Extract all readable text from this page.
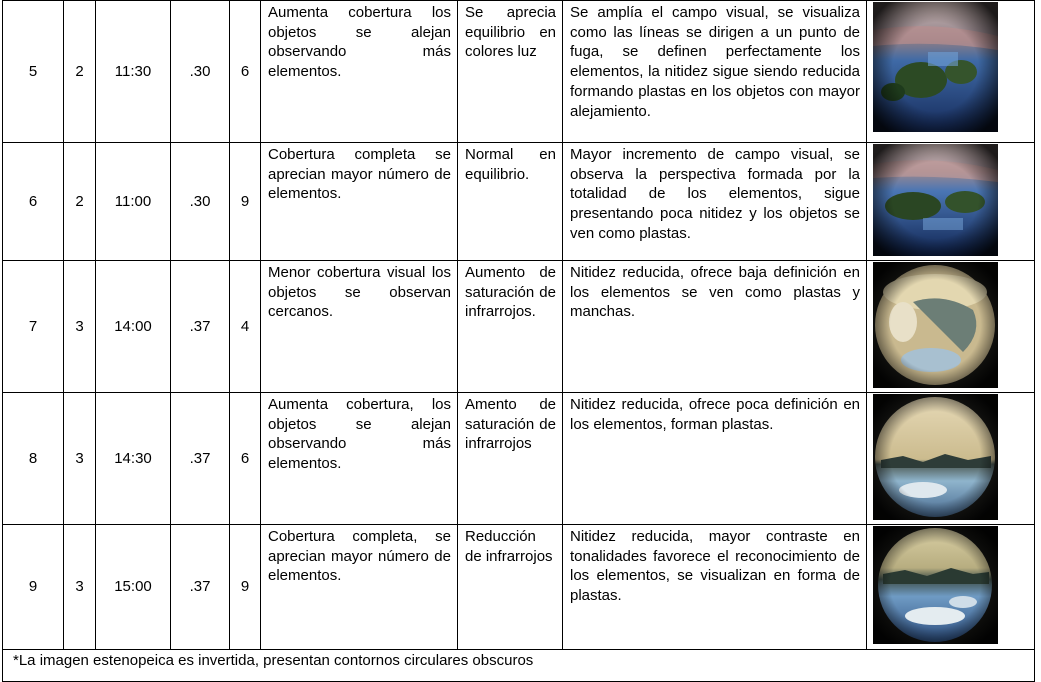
5	2	11:30	.30	6	Aumenta cobertura los objetos se alejan observando más elementos.	Se aprecia equilibrio en colores luz	Se amplía el campo visual, se visualiza como las líneas se dirigen a un punto de fuga, se definen perfectamente los elementos, la nitidez sigue siendo reducida formando plastas en los objetos con mayor alejamiento.	

6	2	11:00	.30	9	Cobertura completa se aprecian mayor número de elementos.	Normal en equilibrio.	Mayor incremento de campo visual, se observa la perspectiva formada por la totalidad de los elementos, sigue presentando poca nitidez y los objetos se ven como plastas.	

7	3	14:00	.37	4	Menor cobertura visual los objetos se observan cercanos.	Aumento de saturación de infrarrojos.	Nitidez reducida, ofrece baja definición en los elementos se ven como plastas y manchas.	

8	3	14:30	.37	6	Aumenta cobertura, los objetos se alejan observando más elementos.	Amento de saturación de infrarrojos	Nitidez reducida, ofrece poca definición en los elementos, forman plastas.	

9	3	15:00	.37	9	Cobertura completa, se aprecian mayor número de elementos.	Reducción de infrarrojos	Nitidez reducida, mayor contraste en tonalidades favorece el reconocimiento de los elementos, se visualizan en forma de plastas.	

*La imagen estenopeica es invertida, presentan contornos circulares obscuros								
